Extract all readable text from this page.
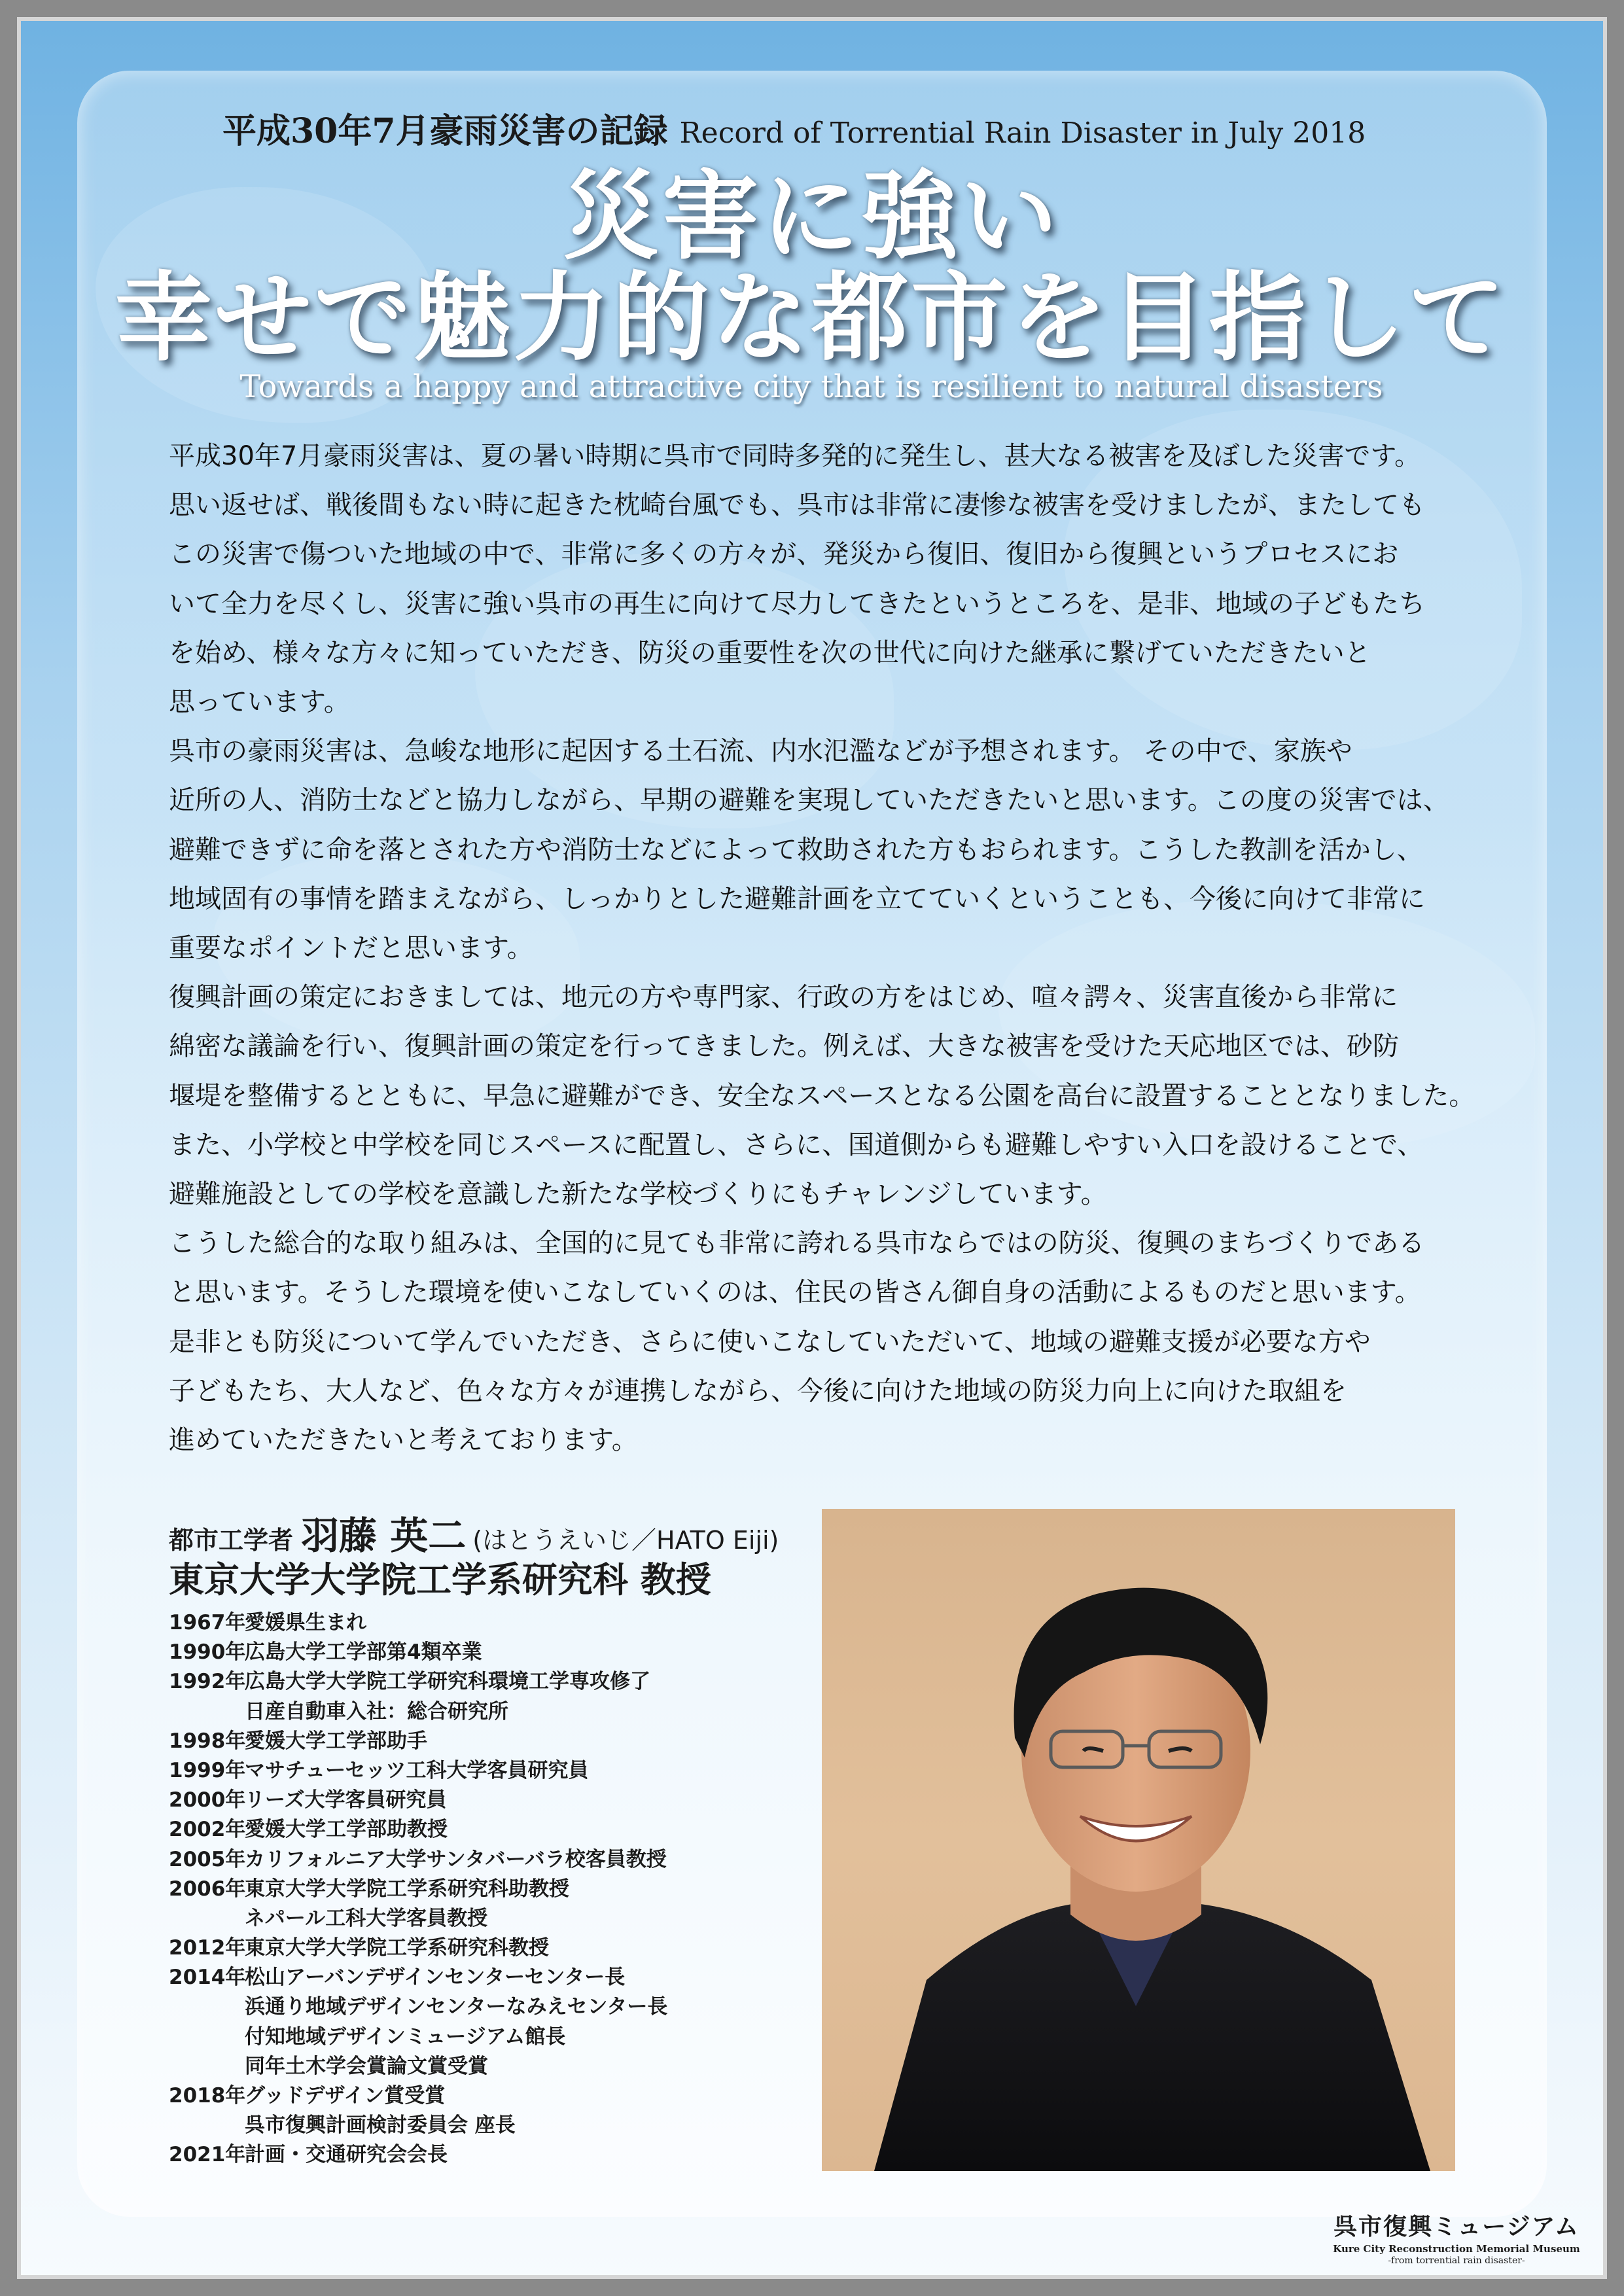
平成30年7月豪雨災害の記録 Record of Torrential Rain Disaster in July 2018
災害に強い
幸せで魅力的な都市を目指して
Towards a happy and attractive city that is resilient to natural disasters
平成30年7月豪雨災害は、夏の暑い時期に呉市で同時多発的に発生し、甚大なる被害を及ぼした災害です。
思い返せば、戦後間もない時に起きた枕崎台風でも、呉市は非常に凄惨な被害を受けましたが、またしても
この災害で傷ついた地域の中で、非常に多くの方々が、発災から復旧、復旧から復興というプロセスにお
いて全力を尽くし、災害に強い呉市の再生に向けて尽力してきたというところを、是非、地域の子どもたち
を始め、様々な方々に知っていただき、防災の重要性を次の世代に向けた継承に繋げていただきたいと
思っています。
呉市の豪雨災害は、急峻な地形に起因する土石流、内水氾濫などが予想されます。 その中で、家族や
近所の人、消防士などと協力しながら、早期の避難を実現していただきたいと思います。この度の災害では、
避難できずに命を落とされた方や消防士などによって救助された方もおられます。こうした教訓を活かし、
地域固有の事情を踏まえながら、しっかりとした避難計画を立てていくということも、今後に向けて非常に
重要なポイントだと思います。
復興計画の策定におきましては、地元の方や専門家、行政の方をはじめ、喧々諤々、災害直後から非常に
綿密な議論を行い、復興計画の策定を行ってきました。例えば、大きな被害を受けた天応地区では、砂防
堰堤を整備するとともに、早急に避難ができ、安全なスペースとなる公園を高台に設置することとなりました。
また、小学校と中学校を同じスペースに配置し、さらに、国道側からも避難しやすい入口を設けることで、
避難施設としての学校を意識した新たな学校づくりにもチャレンジしています。
こうした総合的な取り組みは、全国的に見ても非常に誇れる呉市ならではの防災、復興のまちづくりである
と思います。そうした環境を使いこなしていくのは、住民の皆さん御自身の活動によるものだと思います。
是非とも防災について学んでいただき、さらに使いこなしていただいて、地域の避難支援が必要な方や
子どもたち、大人など、色々な方々が連携しながら、今後に向けた地域の防災力向上に向けた取組を
進めていただきたいと考えております。
都市工学者 羽藤 英二 (はとうえいじ／HATO Eiji)
東京大学大学院工学系研究科 教授
1967年
愛媛県生まれ
1990年
広島大学工学部第4類卒業
1992年
広島大学大学院工学研究科環境工学専攻修了
日産自動車入社：総合研究所
1998年
愛媛大学工学部助手
1999年
マサチューセッツ工科大学客員研究員
2000年
リーズ大学客員研究員
2002年
愛媛大学工学部助教授
2005年
カリフォルニア大学サンタバーバラ校客員教授
2006年
東京大学大学院工学系研究科助教授
ネパール工科大学客員教授
2012年
東京大学大学院工学系研究科教授
2014年
松山アーバンデザインセンターセンター長
浜通り地域デザインセンターなみえセンター長
付知地域デザインミュージアム館長
同年土木学会賞論文賞受賞
2018年
グッドデザイン賞受賞
呉市復興計画検討委員会 座長
2021年
計画・交通研究会会長
呉市復興ミュージアム
Kure City Reconstruction Memorial Museum
-from torrential rain disaster-
